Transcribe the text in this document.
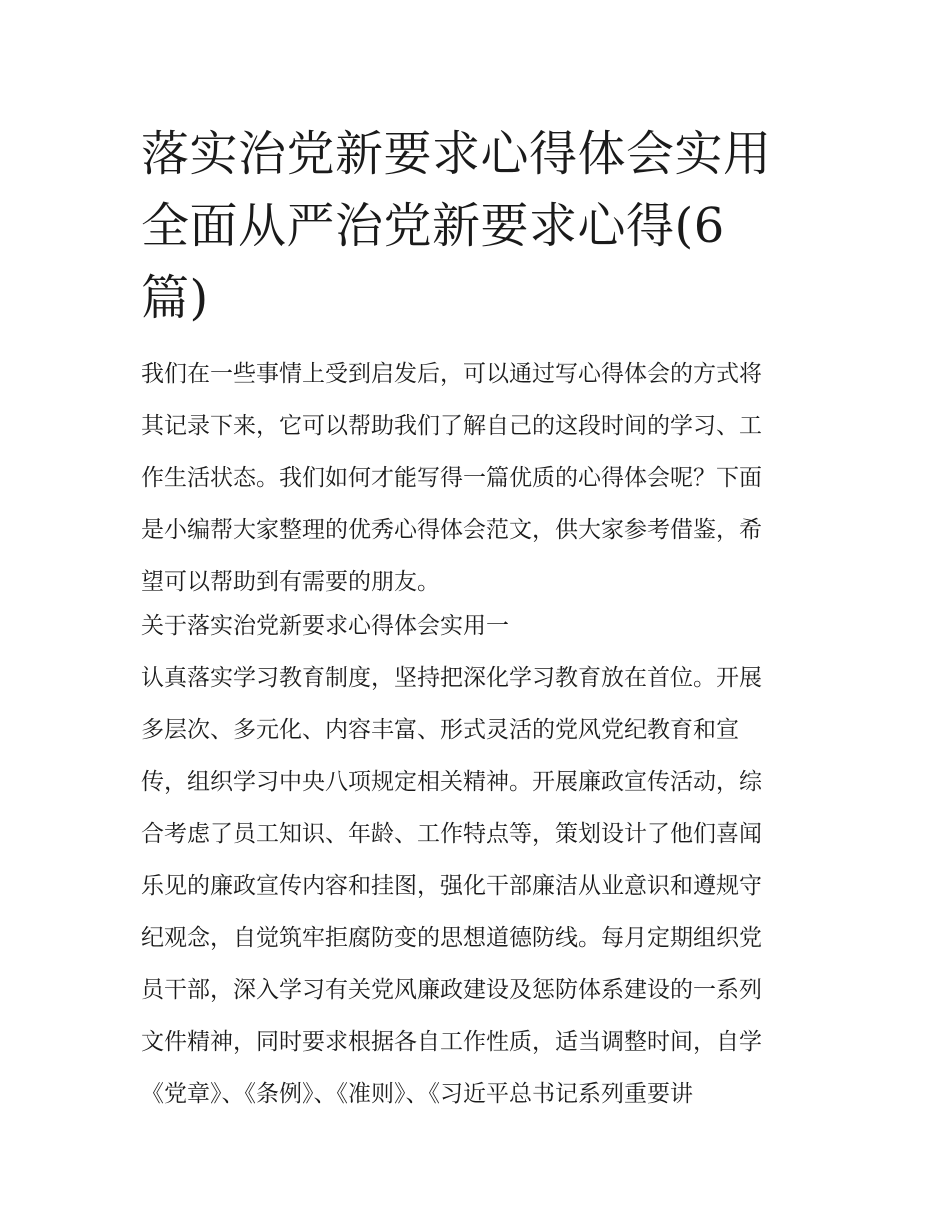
落实治党新要求心得体会实用
全面从严治党新要求心得(6
篇)

我们在一些事情上受到启发后，可以通过写心得体会的方式将
其记录下来，它可以帮助我们了解自己的这段时间的学习、工
作生活状态。我们如何才能写得一篇优质的心得体会呢？下面
是小编帮大家整理的优秀心得体会范文，供大家参考借鉴，希
望可以帮助到有需要的朋友。

关于落实治党新要求心得体会实用一

认真落实学习教育制度，坚持把深化学习教育放在首位。开展
多层次、多元化、内容丰富、形式灵活的党风党纪教育和宣
传，组织学习中央八项规定相关精神。开展廉政宣传活动，综
合考虑了员工知识、年龄、工作特点等，策划设计了他们喜闻
乐见的廉政宣传内容和挂图，强化干部廉洁从业意识和遵规守
纪观念，自觉筑牢拒腐防变的思想道德防线。每月定期组织党
员干部，深入学习有关党风廉政建设及惩防体系建设的一系列
文件精神，同时要求根据各自工作性质，适当调整时间，自学
《党章》、《条例》、《准则》、《习近平总书记系列重要讲
